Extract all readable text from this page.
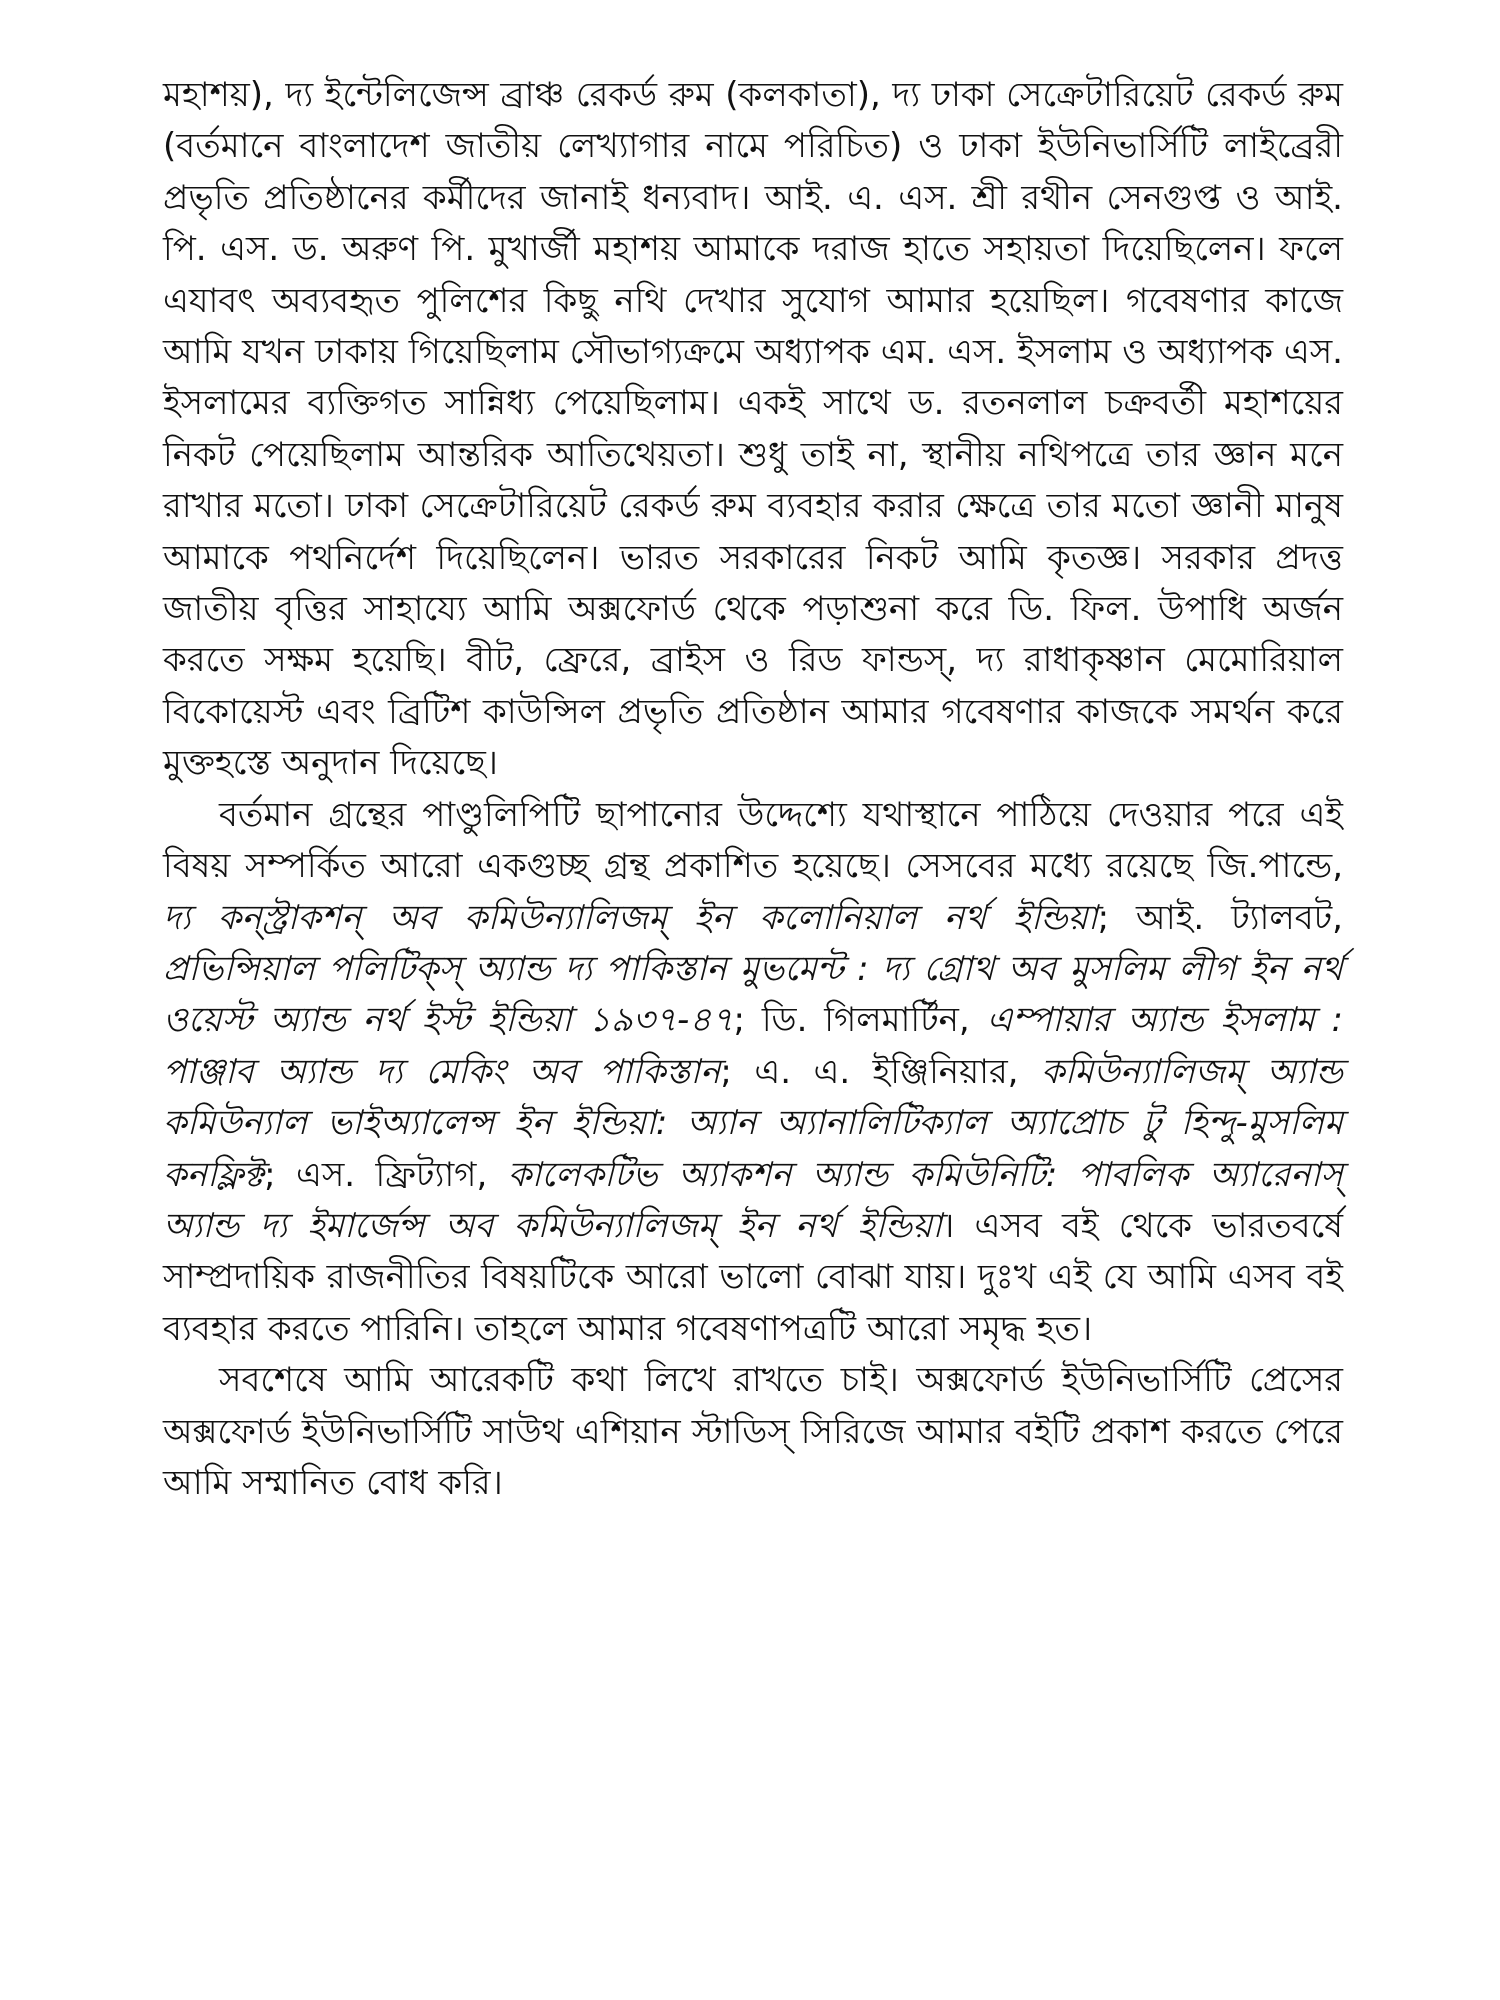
মহাশয়), দ্য ইন্টেলিজেন্স ব্রাঞ্চ রেকর্ড রুম (কলকাতা), দ্য ঢাকা সেক্রেটারিয়েট রেকর্ড রুম (বর্তমানে বাংলাদেশ জাতীয় লেখ্যাগার নামে পরিচিত) ও ঢাকা ইউনিভার্সিটি লাইব্রেরী প্রভৃতি প্রতিষ্ঠানের কর্মীদের জানাই ধন্যবাদ। আই. এ. এস. শ্রী রথীন সেনগুপ্ত ও আই. পি. এস. ড. অরুণ পি. মুখার্জী মহাশয় আমাকে দরাজ হাতে সহায়তা দিয়েছিলেন। ফলে এযাবৎ অব্যবহৃত পুলিশের কিছু নথি দেখার সুযোগ আমার হয়েছিল। গবেষণার কাজে আমি যখন ঢাকায় গিয়েছিলাম সৌভাগ্যক্রমে অধ্যাপক এম. এস. ইসলাম ও অধ্যাপক এস. ইসলামের ব্যক্তিগত সান্নিধ্য পেয়েছিলাম। একই সাথে ড. রতনলাল চক্রবর্তী মহাশয়ের নিকট পেয়েছিলাম আন্তরিক আতিথেয়তা। শুধু তাই না, স্থানীয় নথিপত্রে তার জ্ঞান মনে রাখার মতো। ঢাকা সেক্রেটারিয়েট রেকর্ড রুম ব্যবহার করার ক্ষেত্রে তার মতো জ্ঞানী মানুষ আমাকে পথনির্দেশ দিয়েছিলেন। ভারত সরকারের নিকট আমি কৃতজ্ঞ। সরকার প্রদত্ত জাতীয় বৃত্তির সাহায্যে আমি অক্সফোর্ড থেকে পড়াশুনা করে ডি. ফিল. উপাধি অর্জন করতে সক্ষম হয়েছি। বীট, ফ্রেরে, ব্রাইস ও রিড ফান্ডস্, দ্য রাধাকৃষ্ণান মেমোরিয়াল বিকোয়েস্ট এবং ব্রিটিশ কাউন্সিল প্রভৃতি প্রতিষ্ঠান আমার গবেষণার কাজকে সমর্থন করে মুক্তহস্তে অনুদান দিয়েছে।

বর্তমান গ্রন্থের পাণ্ডুলিপিটি ছাপানোর উদ্দেশ্যে যথাস্থানে পাঠিয়ে দেওয়ার পরে এই বিষয় সম্পর্কিত আরো একগুচ্ছ গ্রন্থ প্রকাশিত হয়েছে। সেসবের মধ্যে রয়েছে জি.পান্ডে, দ্য কন্স্ট্রাকশন্ অব কমিউন্যালিজম্ ইন কলোনিয়াল নর্থ ইন্ডিয়া; আই. ট্যালবট, প্রভিন্সিয়াল পলিটিক্স্ অ্যান্ড দ্য পাকিস্তান মুভমেন্ট : দ্য গ্রোথ অব মুসলিম লীগ ইন নর্থ ওয়েস্ট অ্যান্ড নর্থ ইস্ট ইন্ডিয়া ১৯৩৭-৪৭; ডি. গিলমার্টিন, এম্পায়ার অ্যান্ড ইসলাম : পাঞ্জাব অ্যান্ড দ্য মেকিং অব পাকিস্তান; এ. এ. ইঞ্জিনিয়ার, কমিউন্যালিজম্ অ্যান্ড কমিউন্যাল ভাইঅ্যালেন্স ইন ইন্ডিয়া: অ্যান অ্যানালিটিক্যাল অ্যাপ্রোচ টু হিন্দু-মুসলিম কনফ্লিক্ট; এস. ফ্রিট্যাগ, কালেকটিভ অ্যাকশন অ্যান্ড কমিউনিটি: পাবলিক অ্যারেনাস্ অ্যান্ড দ্য ইমার্জেন্স অব কমিউন্যালিজম্ ইন নর্থ ইন্ডিয়া। এসব বই থেকে ভারতবর্ষে সাম্প্রদায়িক রাজনীতির বিষয়টিকে আরো ভালো বোঝা যায়। দুঃখ এই যে আমি এসব বই ব্যবহার করতে পারিনি। তাহলে আমার গবেষণাপত্রটি আরো সমৃদ্ধ হত।

সবশেষে আমি আরেকটি কথা লিখে রাখতে চাই। অক্সফোর্ড ইউনিভার্সিটি প্রেসের অক্সফোর্ড ইউনিভার্সিটি সাউথ এশিয়ান স্টাডিস্ সিরিজে আমার বইটি প্রকাশ করতে পেরে আমি সম্মানিত বোধ করি।
